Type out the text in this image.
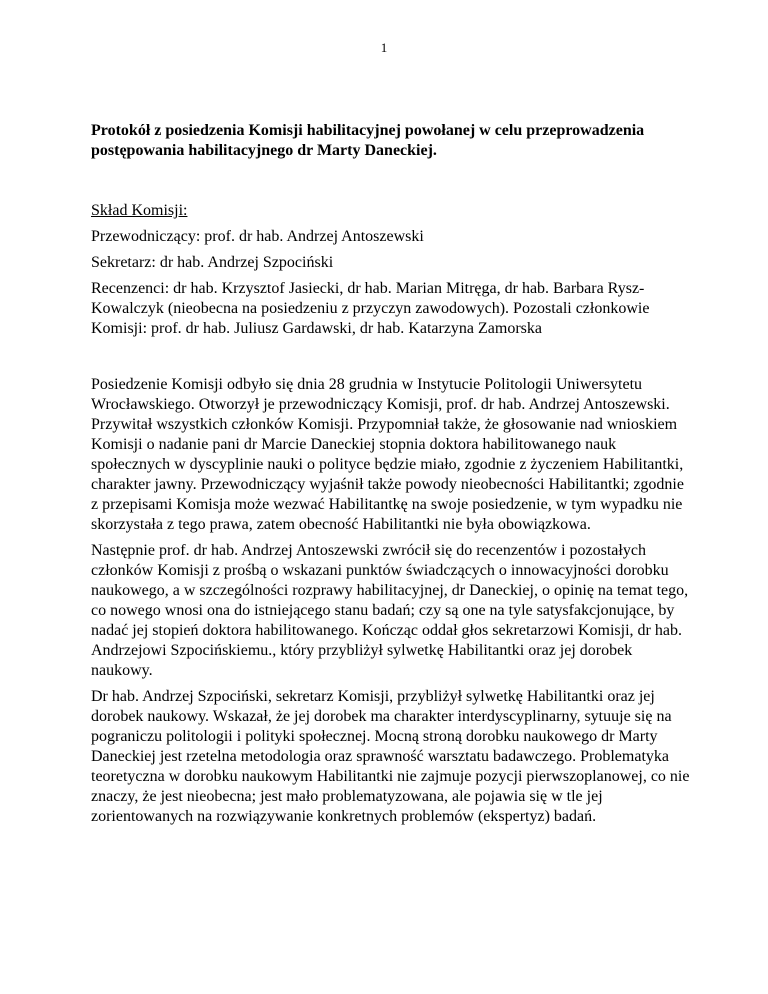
1

Protokół z posiedzenia Komisji habilitacyjnej powołanej w celu przeprowadzenia postępowania habilitacyjnego dr Marty Daneckiej.

Skład Komisji:

Przewodniczący: prof. dr hab. Andrzej Antoszewski

Sekretarz: dr hab. Andrzej Szpociński

Recenzenci: dr hab. Krzysztof Jasiecki, dr hab. Marian Mitręga, dr hab. Barbara Rysz-Kowalczyk (nieobecna na posiedzeniu z przyczyn zawodowych). Pozostali członkowie Komisji: prof. dr hab. Juliusz Gardawski, dr hab. Katarzyna Zamorska

Posiedzenie Komisji odbyło się dnia 28 grudnia w Instytucie Politologii Uniwersytetu Wrocławskiego. Otworzył je przewodniczący Komisji, prof. dr hab. Andrzej Antoszewski. Przywitał wszystkich członków Komisji. Przypomniał także, że głosowanie nad wnioskiem Komisji o nadanie pani dr Marcie Daneckiej stopnia doktora habilitowanego nauk społecznych w dyscyplinie nauki o polityce będzie miało, zgodnie z życzeniem Habilitantki, charakter jawny. Przewodniczący wyjaśnił także powody nieobecności Habilitantki; zgodnie z przepisami Komisja może wezwać Habilitantkę na swoje posiedzenie, w tym wypadku nie skorzystała z tego prawa, zatem obecność Habilitantki nie była obowiązkowa.

Następnie prof. dr hab. Andrzej Antoszewski zwrócił się do recenzentów i pozostałych członków Komisji z prośbą o wskazani punktów świadczących o innowacyjności dorobku naukowego, a w szczególności rozprawy habilitacyjnej, dr Daneckiej, o opinię na temat tego, co nowego wnosi ona do istniejącego stanu badań; czy są one na tyle satysfakcjonujące, by nadać jej stopień doktora habilitowanego. Kończąc oddał głos sekretarzowi Komisji, dr hab. Andrzejowi Szpocińskiemu., który przybliżył sylwetkę Habilitantki oraz jej dorobek naukowy.

Dr hab. Andrzej Szpociński, sekretarz Komisji, przybliżył sylwetkę Habilitantki oraz jej dorobek naukowy. Wskazał, że jej dorobek ma charakter interdyscyplinarny, sytuuje się na pograniczu politologii i polityki społecznej. Mocną stroną dorobku naukowego dr Marty Daneckiej jest rzetelna metodologia oraz sprawność warsztatu badawczego. Problematyka teoretyczna w dorobku naukowym Habilitantki nie zajmuje pozycji pierwszoplanowej, co nie znaczy, że jest nieobecna; jest mało problematyzowana, ale pojawia się w tle jej zorientowanych na rozwiązywanie konkretnych problemów (ekspertyz) badań.
